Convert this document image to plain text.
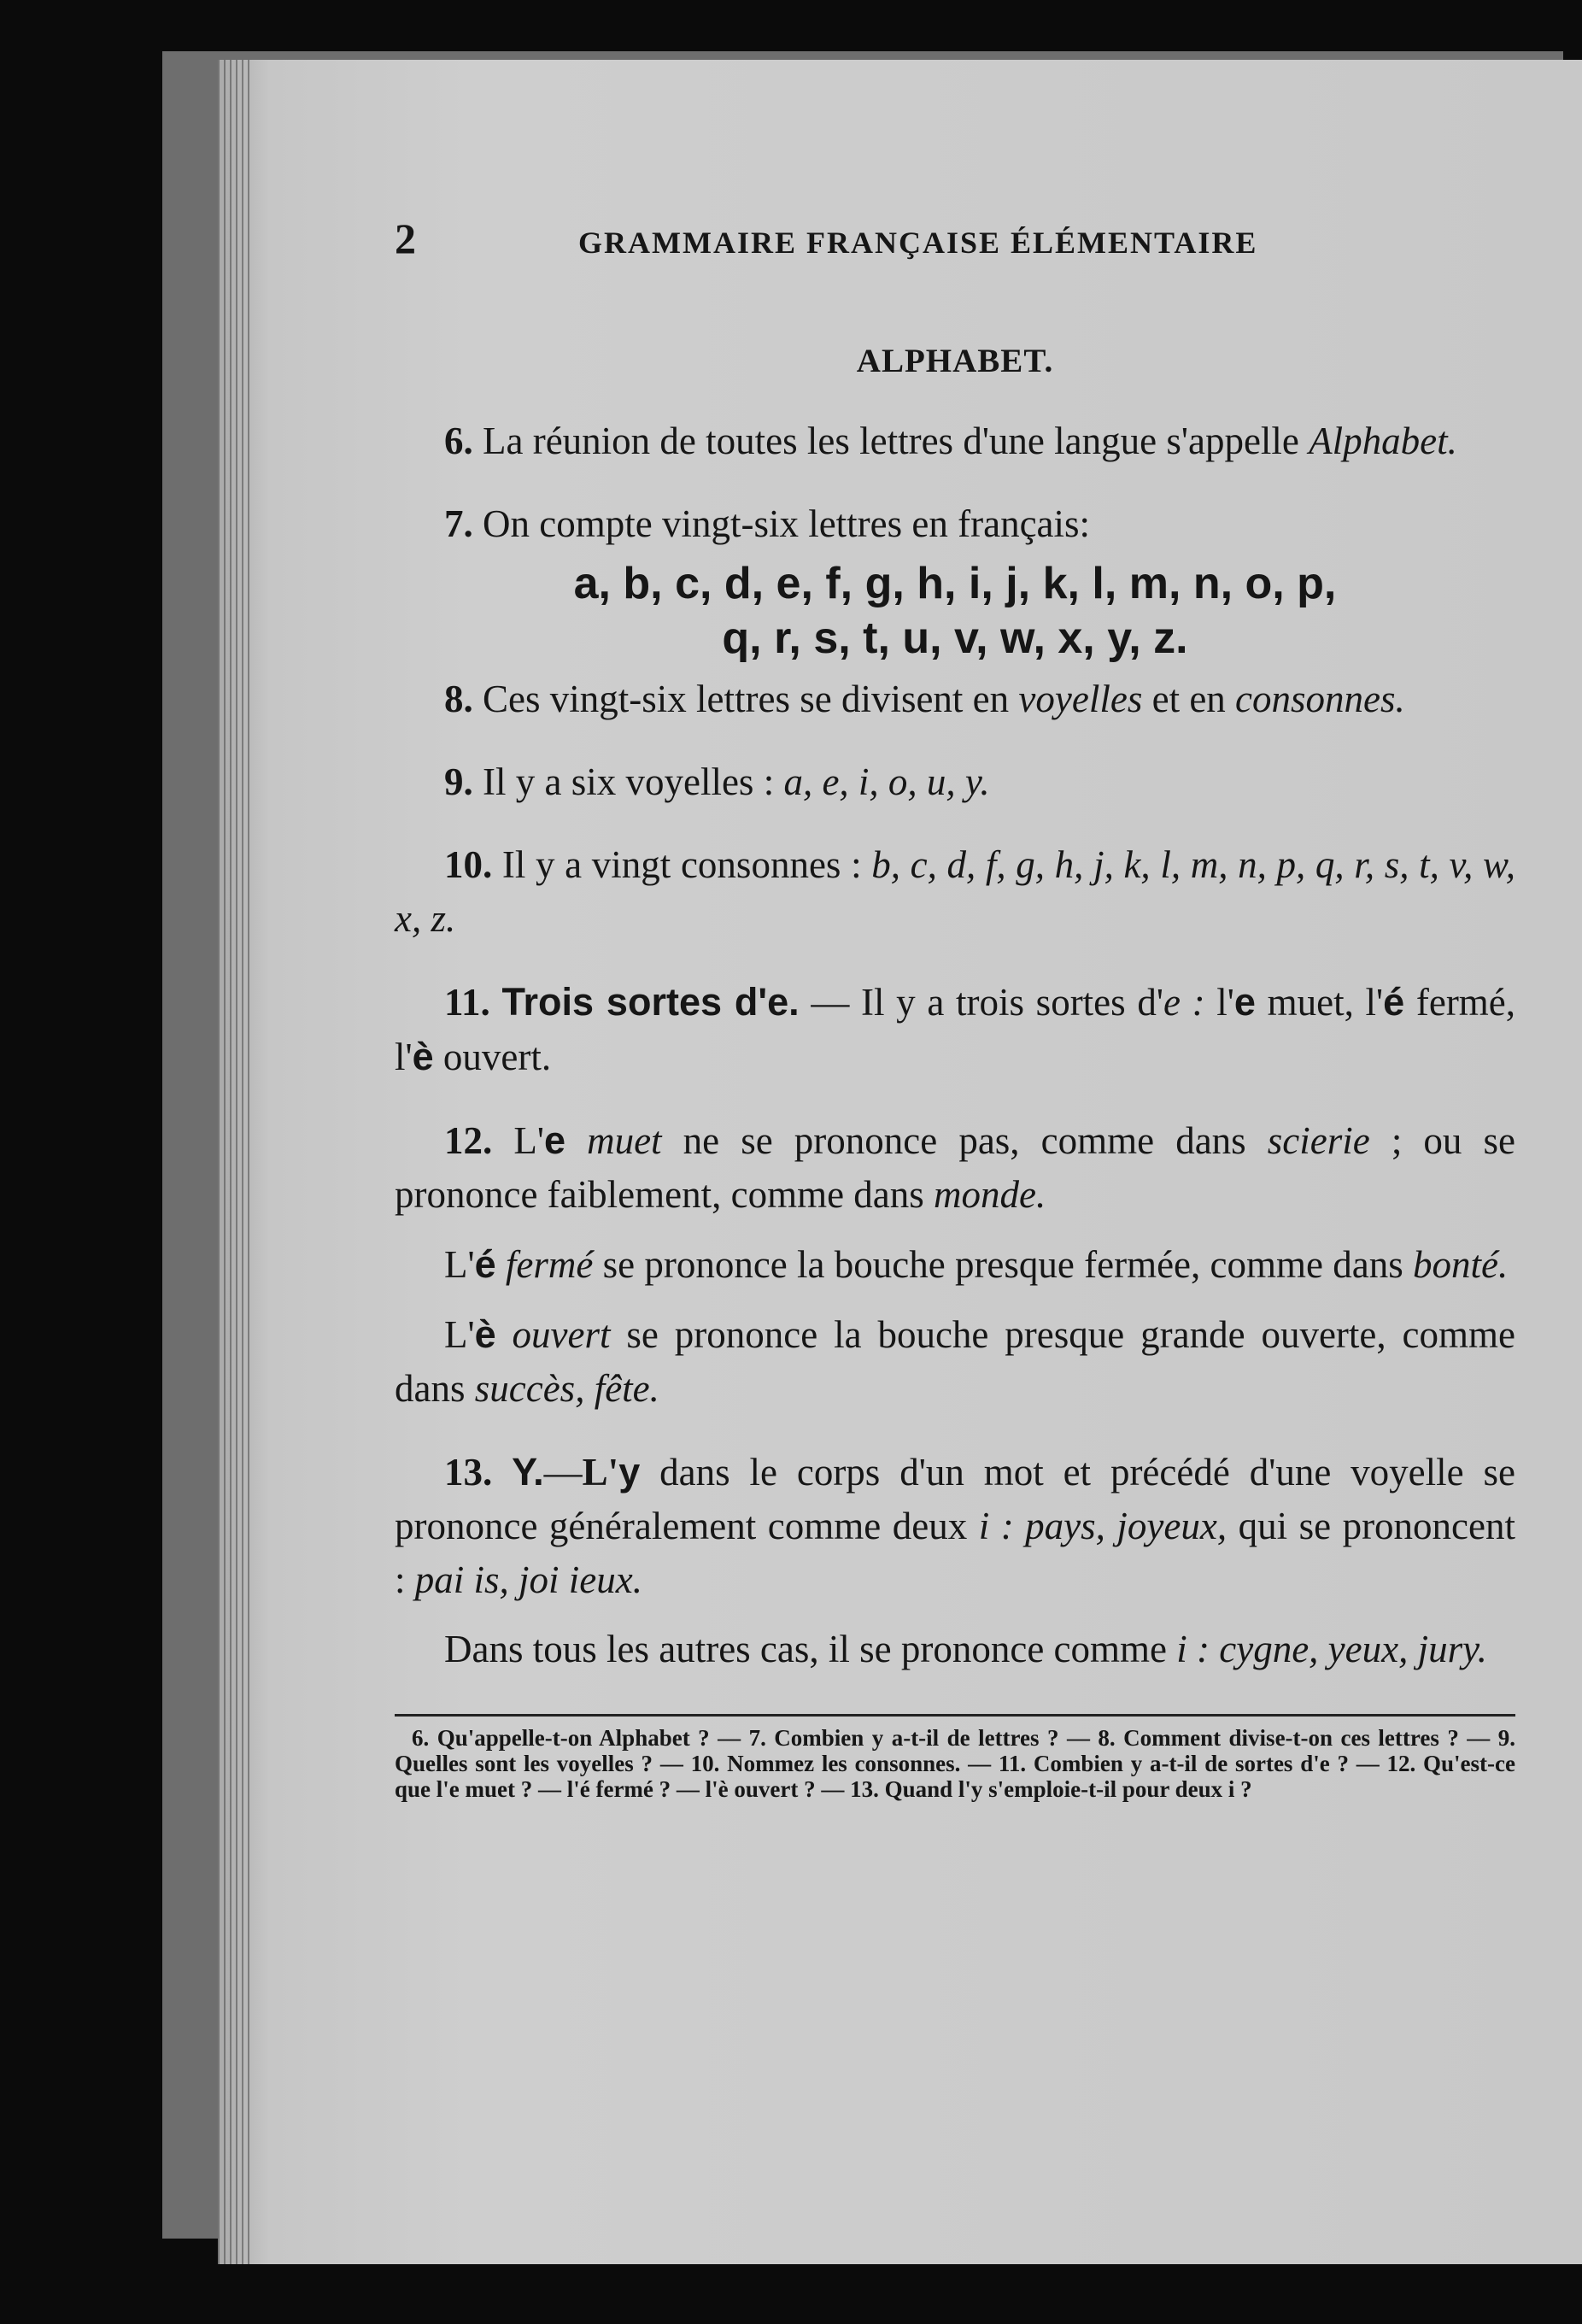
2	GRAMMAIRE FRANÇAISE ÉLÉMENTAIRE
ALPHABET.

6. La réunion de toutes les lettres d'une langue s'appelle Alphabet.

7. On compte vingt-six lettres en français:

a, b, c, d, e, f, g, h, i, j, k, l, m, n, o, p,
q, r, s, t, u, v, w, x, y, z.

8. Ces vingt-six lettres se divisent en voyelles et en consonnes.

9. Il y a six voyelles : a, e, i, o, u, y.

10. Il y a vingt consonnes : b, c, d, f, g, h, j, k, l, m, n, p, q, r, s, t, v, w, x, z.

11. Trois sortes d'e. — Il y a trois sortes d'e : l'e muet, l'é fermé, l'è ouvert.

12. L'e muet ne se prononce pas, comme dans scierie ; ou se prononce faiblement, comme dans monde.

L'é fermé se prononce la bouche presque fermée, comme dans bonté.

L'è ouvert se prononce la bouche presque grande ouverte, comme dans succès, fête.

13. Y.—L'y dans le corps d'un mot et précédé d'une voyelle se prononce généralement comme deux i : pays, joyeux, qui se prononcent : pai is, joi ieux.

Dans tous les autres cas, il se prononce comme i : cygne, yeux, jury.

6. Qu'appelle-t-on Alphabet ? — 7. Combien y a-t-il de lettres ? — 8. Comment divise-t-on ces lettres ? — 9. Quelles sont les voyelles ? — 10. Nommez les consonnes. — 11. Combien y a-t-il de sortes d'e ? — 12. Qu'est-ce que l'e muet ? — l'é fermé ? — l'è ouvert ? — 13. Quand l'y s'emploie-t-il pour deux i ?
